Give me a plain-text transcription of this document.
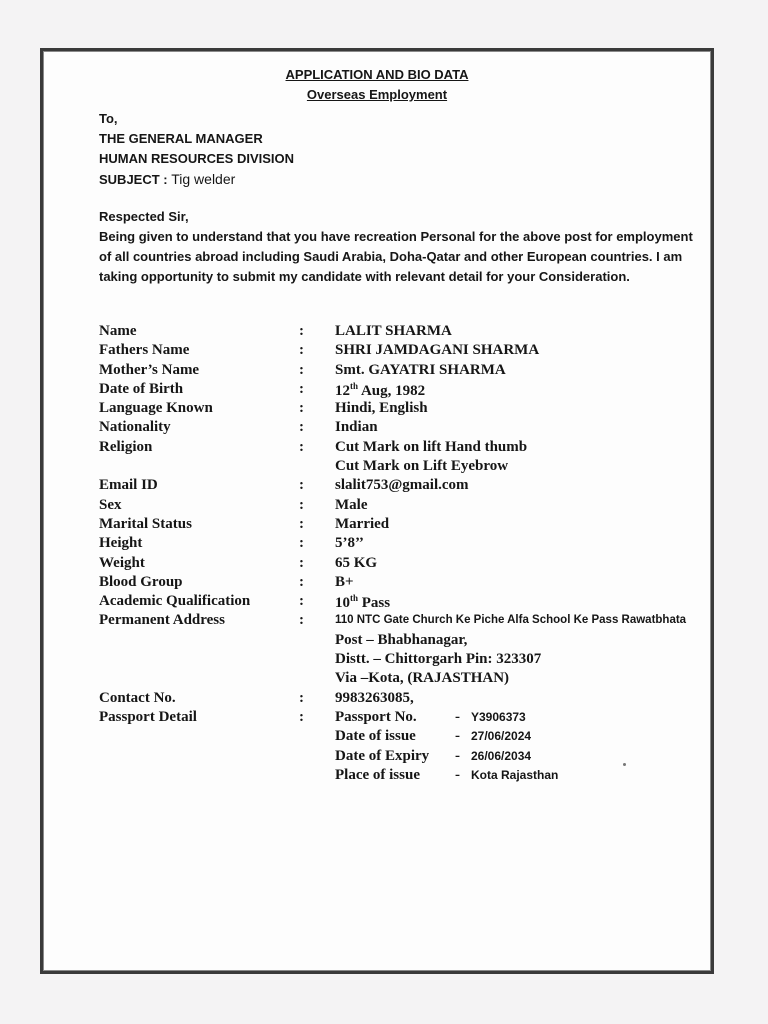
APPLICATION AND BIO DATA
Overseas Employment
To,
THE GENERAL MANAGER
HUMAN RESOURCES DIVISION
SUBJECT : Tig welder
Respected Sir,
Being given to understand that you have recreation Personal for the above post for employment of all countries abroad including Saudi Arabia, Doha-Qatar and other European countries. I am taking opportunity to submit my candidate with relevant detail for your Consideration.
Name	: LALIT SHARMA
Fathers Name	: SHRI JAMDAGANI SHARMA
Mother’s Name	: Smt. GAYATRI SHARMA
Date of Birth	: 12th Aug, 1982
Language Known	: Hindi, English
Nationality	: Indian
Religion	: Cut Mark on lift Hand thumb
Cut Mark on Lift Eyebrow
Email ID	: slalit753@gmail.com
Sex	: Male
Marital Status	: Married
Height	: 5’8’’
Weight	: 65 KG
Blood Group	: B+
Academic Qualification	: 10th Pass
Permanent Address	:	110 NTC Gate Church Ke Piche Alfa School Ke Pass Rawatbhata
Post – Bhabhanagar,
Distt. – Chittorgarh Pin: 323307
Via –Kota, (RAJASTHAN)
Contact No.	: 9983263085,
Passport Detail	: Passport No.	- Y3906373
Date of issue	- 27/06/2024
Date of Expiry - 26/06/2034
Place of issue - Kota Rajasthan
